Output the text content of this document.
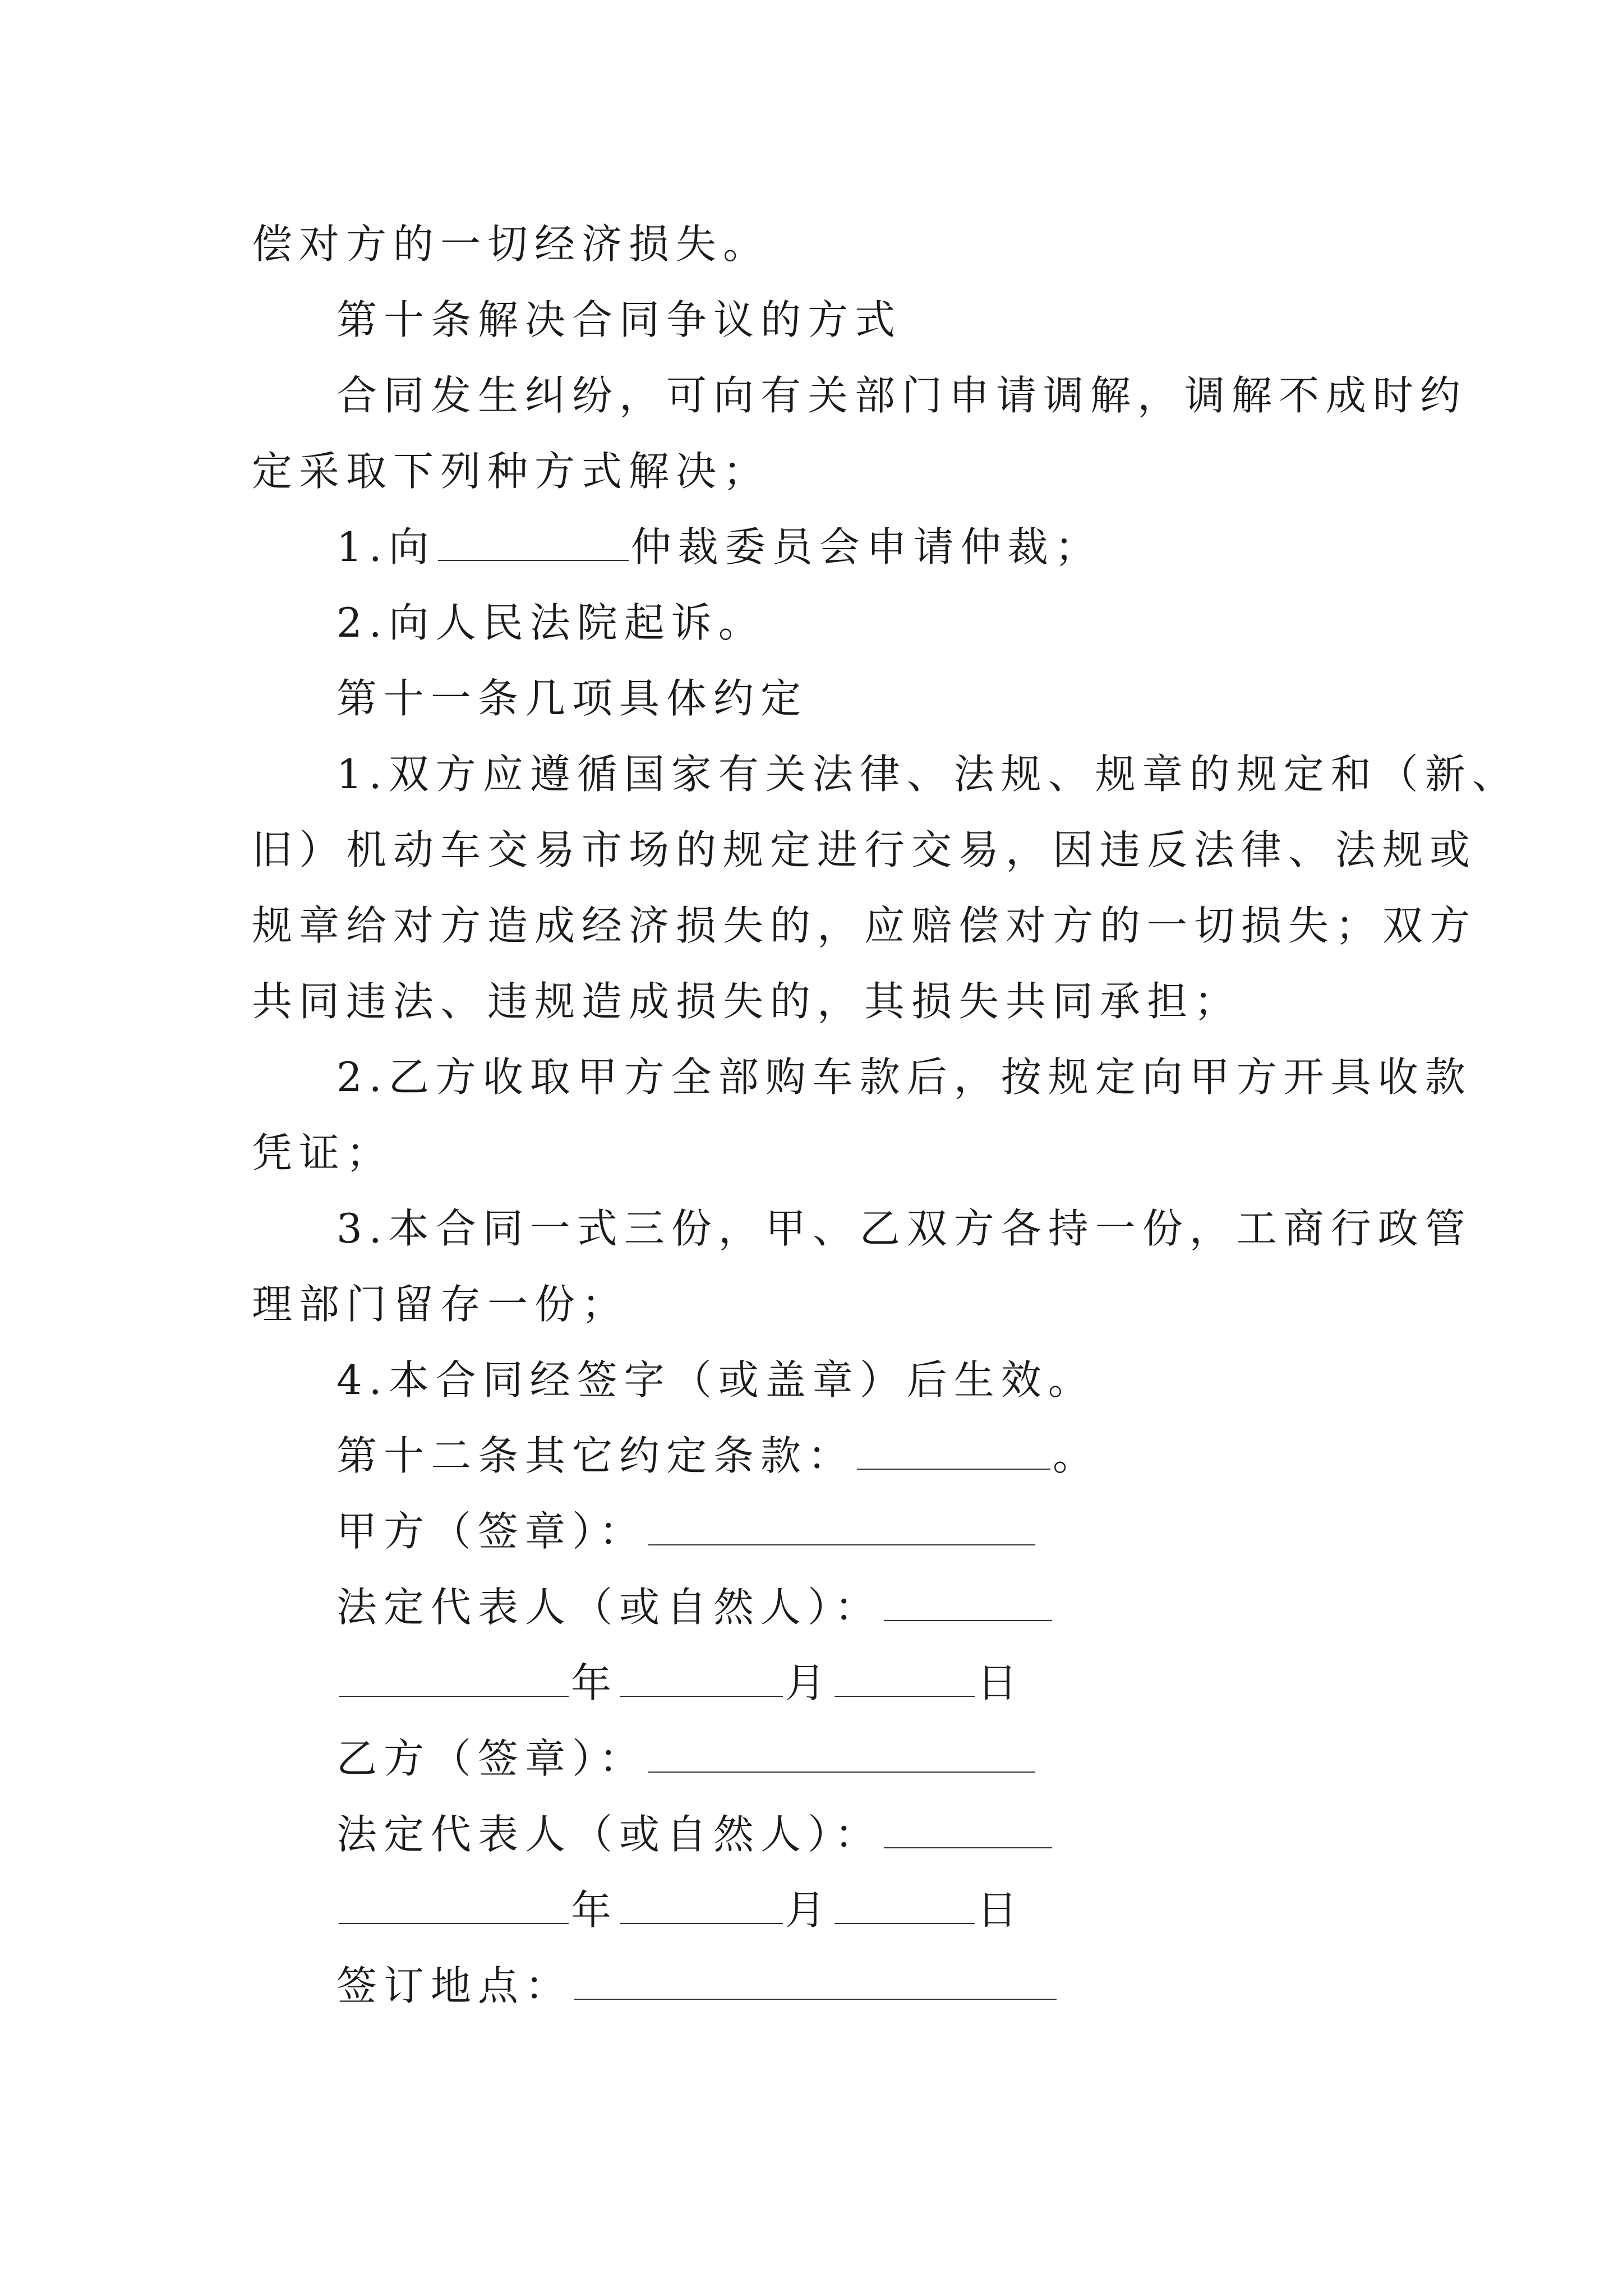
偿对方的一切经济损失。
第十条解决合同争议的方式
合同发生纠纷，可向有关部门申请调解，调解不成时约
定采取下列种方式解决；
1.向	仲裁委员会申请仲裁；
2.向人民法院起诉。
第十一条几项具体约定
1.双方应遵循国家有关法律、法规、规章的规定和（新、
旧）机动车交易市场的规定进行交易，因违反法律、法规或
规章给对方造成经济损失的，应赔偿对方的一切损失；双方
共同违法、违规造成损失的，其损失共同承担；
2.乙方收取甲方全部购车款后，按规定向甲方开具收款
凭证；
3.本合同一式三份，甲、乙双方各持一份，工商行政管
理部门留存一份；
4.本合同经签字（或盖章）后生效。
第十二条其它约定条款：	。
甲方（签章）：
法定代表人（或自然人）：
年	月	日
乙方（签章）：
法定代表人（或自然人）：
年	月	日
签订地点：
